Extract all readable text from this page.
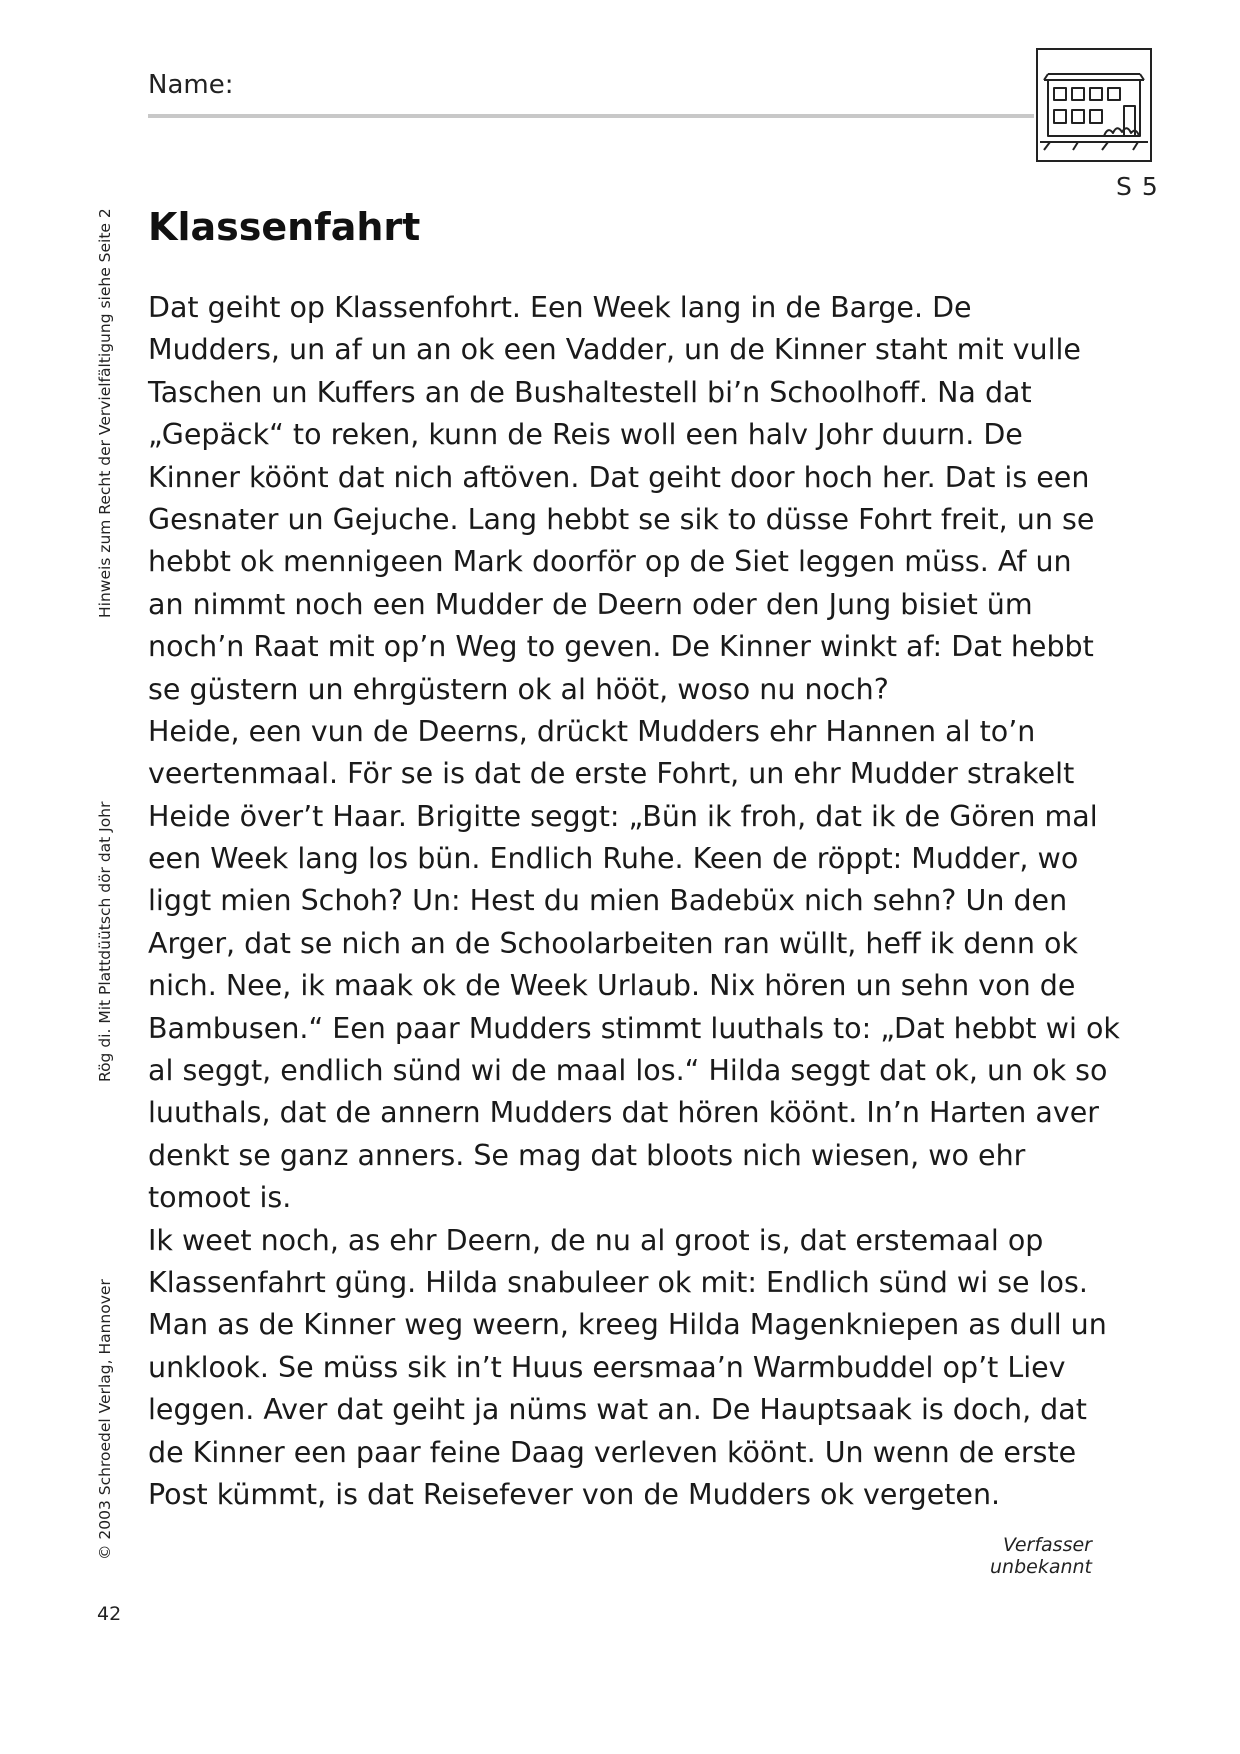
Name:
S 5
Hinweis zum Recht der Vervielfältigung siehe Seite 2
Rög di. Mit Plattdüütsch dör dat Johr
© 2003 Schroedel Verlag, Hannover
Klassenfahrt
Dat geiht op Klassenfohrt. Een Week lang in de Barge. De
Mudders, un af un an ok een Vadder, un de Kinner staht mit vulle
Taschen un Kuffers an de Bushaltestell bi’n Schoolhoff. Na dat
„Gepäck“ to reken, kunn de Reis woll een halv Johr duurn. De
Kinner köönt dat nich aftöven. Dat geiht door hoch her. Dat is een
Gesnater un Gejuche. Lang hebbt se sik to düsse Fohrt freit, un se
hebbt ok mennigeen Mark doorför op de Siet leggen müss. Af un
an nimmt noch een Mudder de Deern oder den Jung bisiet üm
noch’n Raat mit op’n Weg to geven. De Kinner winkt af: Dat hebbt
se güstern un ehrgüstern ok al hööt, woso nu noch?
Heide, een vun de Deerns, drückt Mudders ehr Hannen al to’n
veertenmaal. För se is dat de erste Fohrt, un ehr Mudder strakelt
Heide över’t Haar. Brigitte seggt: „Bün ik froh, dat ik de Gören mal
een Week lang los bün. Endlich Ruhe. Keen de röppt: Mudder, wo
liggt mien Schoh? Un: Hest du mien Badebüx nich sehn? Un den
Arger, dat se nich an de Schoolarbeiten ran wüllt, heff ik denn ok
nich. Nee, ik maak ok de Week Urlaub. Nix hören un sehn von de
Bambusen.“ Een paar Mudders stimmt luuthals to: „Dat hebbt wi ok
al seggt, endlich sünd wi de maal los.“ Hilda seggt dat ok, un ok so
luuthals, dat de annern Mudders dat hören köönt. In’n Harten aver
denkt se ganz anners. Se mag dat bloots nich wiesen, wo ehr
tomoot is.
Ik weet noch, as ehr Deern, de nu al groot is, dat erstemaal op
Klassenfahrt güng. Hilda snabuleer ok mit: Endlich sünd wi se los.
Man as de Kinner weg weern, kreeg Hilda Magenkniepen as dull un
unklook. Se müss sik in’t Huus eersmaa’n Warmbuddel op’t Liev
leggen. Aver dat geiht ja nüms wat an. De Hauptsaak is doch, dat
de Kinner een paar feine Daag verleven köönt. Un wenn de erste
Post kümmt, is dat Reisefever von de Mudders ok vergeten.
Verfasser unbekannt
42
